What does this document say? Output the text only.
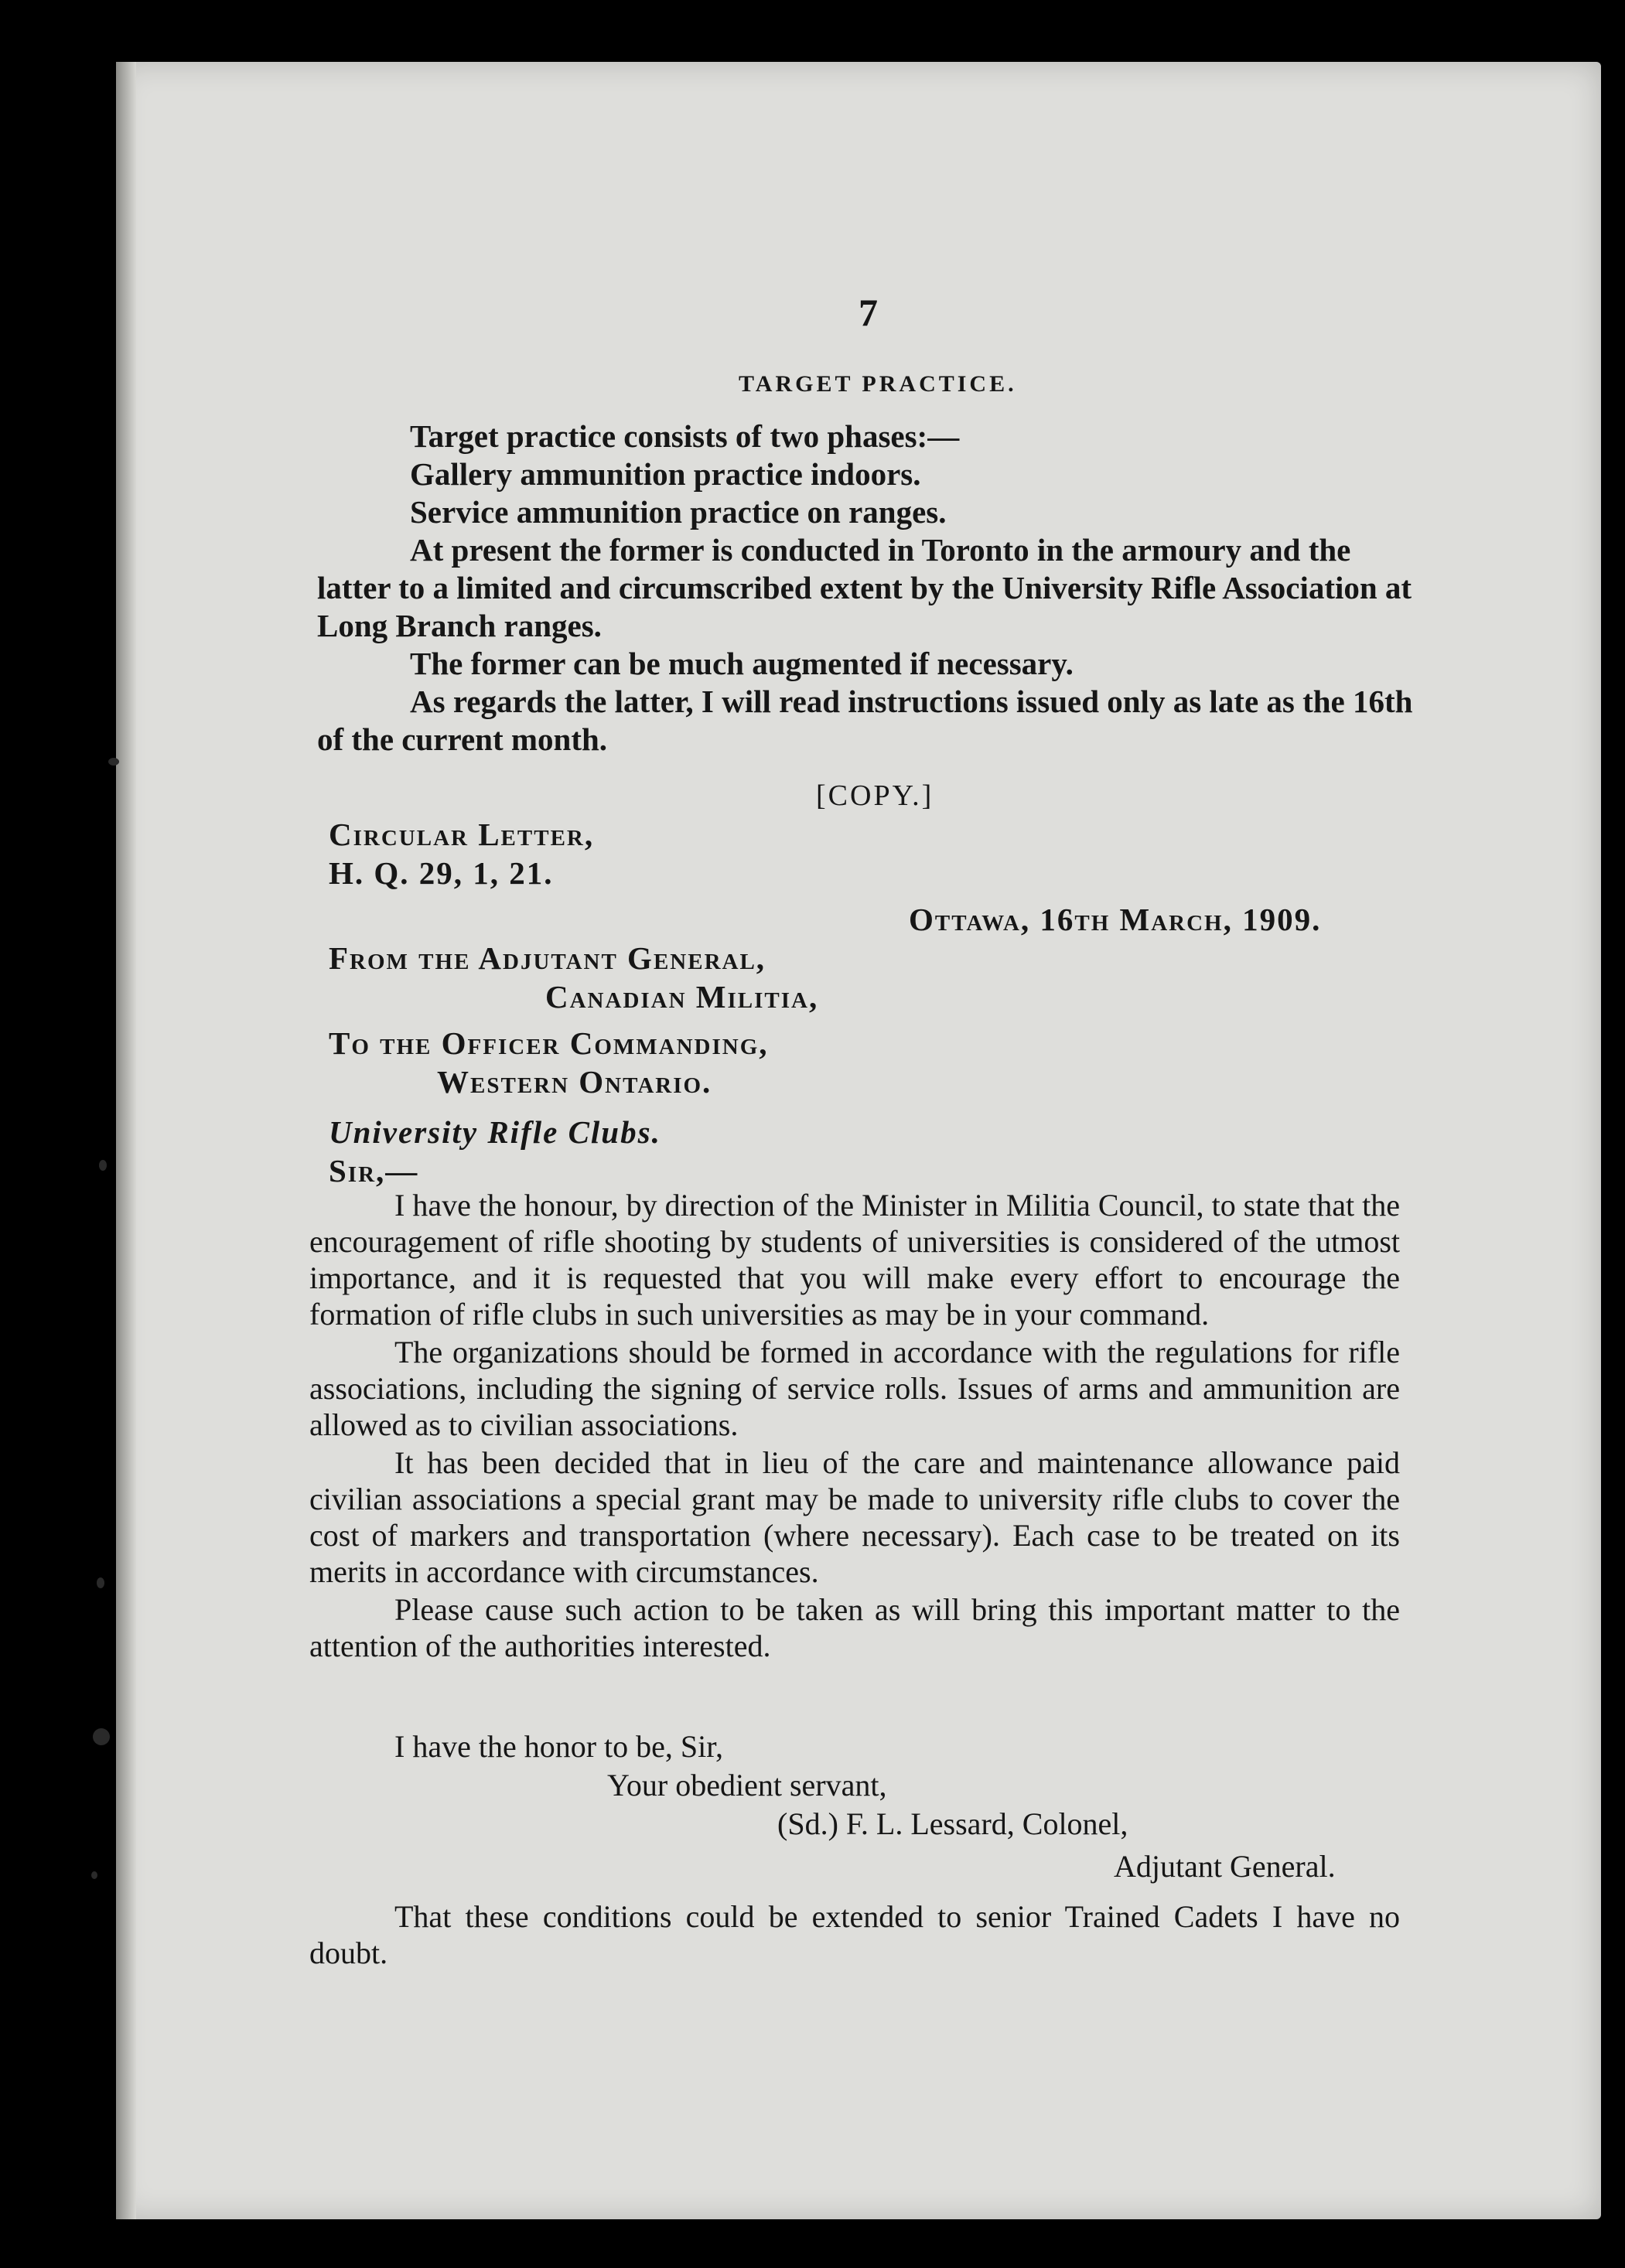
7
TARGET PRACTICE.
Target practice consists of two phases:—
Gallery ammunition practice indoors.
Service ammunition practice on ranges.
At present the former is conducted in Toronto in the armoury and the latter to a limited and circumscribed extent by the University Rifle Association at Long Branch ranges.
The former can be much augmented if necessary.
As regards the latter, I will read instructions issued only as late as the 16th of the current month.
[COPY.]
Circular Letter,
H. Q. 29, 1, 21.
Ottawa, 16th March, 1909.
From the Adjutant General,
Canadian Militia,
To the Officer Commanding,
Western Ontario.
University Rifle Clubs.
Sir,—

I have the honour, by direction of the Minister in Militia Council, to state that the encouragement of rifle shooting by students of universities is considered of the utmost importance, and it is requested that you will make every effort to encourage the formation of rifle clubs in such universities as may be in your command.

The organizations should be formed in accordance with the regulations for rifle associations, including the signing of service rolls. Issues of arms and ammunition are allowed as to civilian associations.

It has been decided that in lieu of the care and maintenance allowance paid civilian associations a special grant may be made to university rifle clubs to cover the cost of markers and transportation (where necessary). Each case to be treated on its merits in accordance with circumstances.

Please cause such action to be taken as will bring this important matter to the attention of the authorities interested.

I have the honor to be, Sir,
Your obedient servant,
(Sd.) F. L. Lessard, Colonel,
Adjutant General.
That these conditions could be extended to senior Trained Cadets I have no doubt.
